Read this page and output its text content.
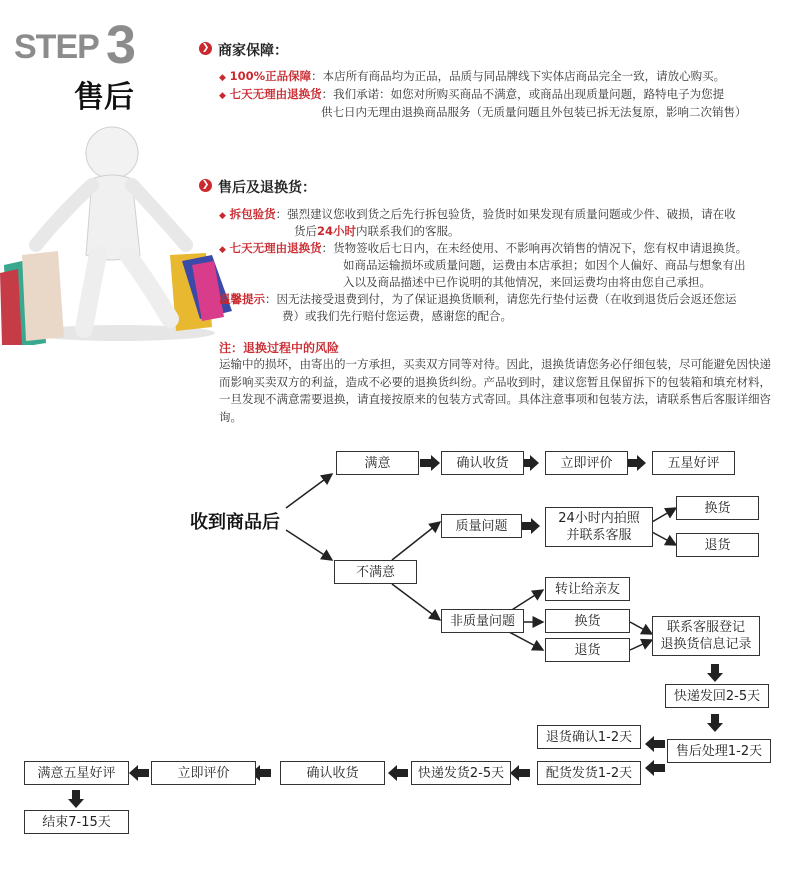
STEP 3
售后
❯ 商家保障：
◆ 100%正品保障：本店所有商品均为正品，品质与同品牌线下实体店商品完全一致，请放心购买。
◆ 七天无理由退换货：我们承诺：如您对所购买商品不满意，或商品出现质量问题，路特电子为您提
供七日内无理由退换商品服务（无质量问题且外包装已拆无法复原，影响二次销售）
❯ 售后及退换货：
◆ 拆包验货：强烈建议您收到货之后先行拆包验货，验货时如果发现有质量问题或少件、破损，请在收
货后24小时内联系我们的客服。
◆ 七天无理由退换货：货物签收后七日内，在未经使用、不影响再次销售的情况下，您有权申请退换货。
如商品运输损坏或质量问题，运费由本店承担；如因个人偏好、商品与想象有出
入以及商品描述中已作说明的其他情况，来回运费均由将由您自己承担。
温馨提示：因无法接受退费到付，为了保证退换货顺利，请您先行垫付运费（在收到退货后会返还您运
费）或我们先行赔付您运费，感谢您的配合。
注：退换过程中的风险
运输中的损坏，由寄出的一方承担，买卖双方同等对待。因此，退换货请您务必仔细包装，尽可能避免因快递而影响买卖双方的利益，造成不必要的退换货纠纷。产品收到时，建议您暂且保留拆下的包装箱和填充材料，一旦发现不满意需要退换，请直接按原来的包装方式寄回。具体注意事项和包装方法，请联系售后客服详细咨询。
收到商品后
满意	确认收货	立即评价	五星好评
不满意
质量问题	24小时内拍照
并联系客服
换货
退货
非质量问题
转让给亲友
换货
退货
联系客服登记
退换货信息记录
快递发回2-5天
售后处理1-2天
退货确认1-2天
配货发货1-2天
快递发货2-5天
确认收货
立即评价
满意五星好评
结束7-15天
